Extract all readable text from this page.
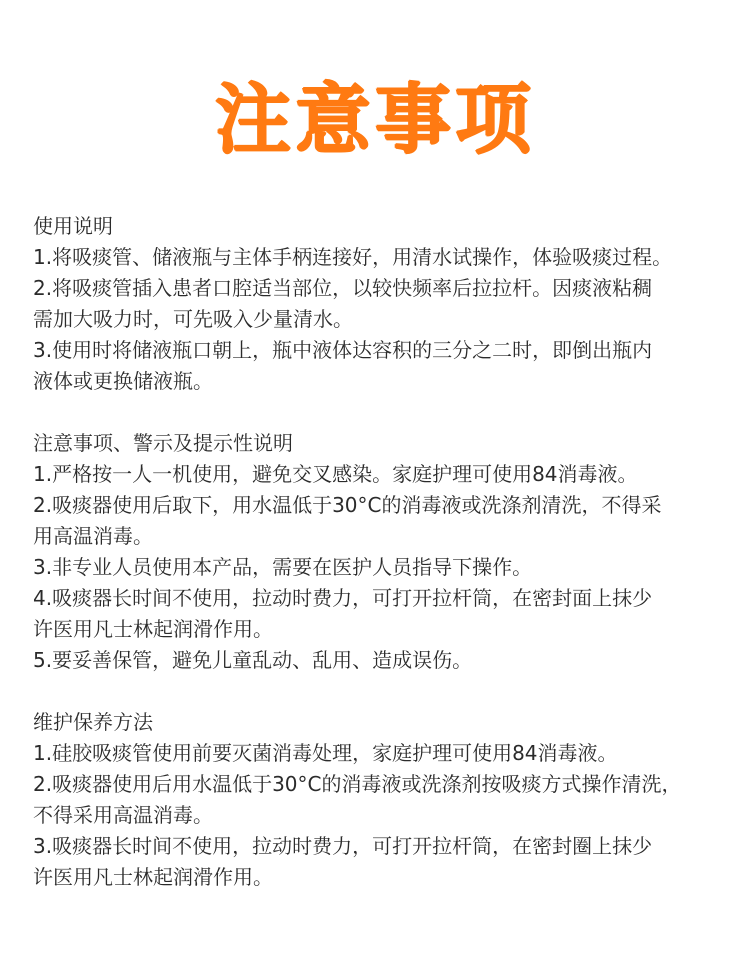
注意事项

使用说明

1.将吸痰管、储液瓶与主体手柄连接好，用清水试操作，体验吸痰过程。

2.将吸痰管插入患者口腔适当部位，以较快频率后拉拉杆。因痰液粘稠

需加大吸力时，可先吸入少量清水。

3.使用时将储液瓶口朝上，瓶中液体达容积的三分之二时，即倒出瓶内

液体或更换储液瓶。

注意事项、警示及提示性说明

1.严格按一人一机使用，避免交叉感染。家庭护理可使用84消毒液。

2.吸痰器使用后取下，用水温低于30°C的消毒液或洗涤剂清洗，不得采

用高温消毒。

3.非专业人员使用本产品，需要在医护人员指导下操作。

4.吸痰器长时间不使用，拉动时费力，可打开拉杆筒，在密封面上抹少

许医用凡士林起润滑作用。

5.要妥善保管，避免儿童乱动、乱用、造成误伤。

维护保养方法

1.硅胶吸痰管使用前要灭菌消毒处理，家庭护理可使用84消毒液。

2.吸痰器使用后用水温低于30°C的消毒液或洗涤剂按吸痰方式操作清洗，

不得采用高温消毒。

3.吸痰器长时间不使用，拉动时费力，可打开拉杆筒，在密封圈上抹少

许医用凡士林起润滑作用。
